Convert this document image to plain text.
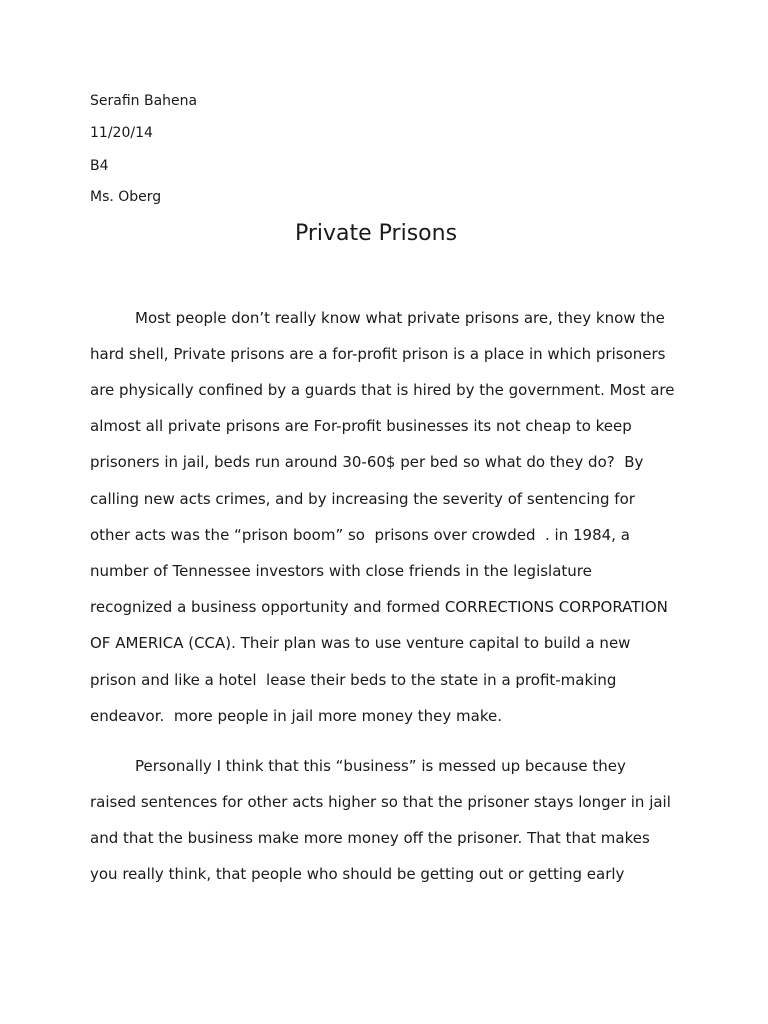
Serafin Bahena
11/20/14
B4
Ms. Oberg
Private Prisons
Most people don’t really know what private prisons are, they know the
hard shell, Private prisons are a for-profit prison is a place in which prisoners
are physically confined by a guards that is hired by the government. Most are
almost all private prisons are For-profit businesses its not cheap to keep
prisoners in jail, beds run around 30-60$ per bed so what do they do?  By
calling new acts crimes, and by increasing the severity of sentencing for
other acts was the “prison boom” so  prisons over crowded  . in 1984, a
number of Tennessee investors with close friends in the legislature
recognized a business opportunity and formed CORRECTIONS CORPORATION
OF AMERICA (CCA). Their plan was to use venture capital to build a new
prison and like a hotel  lease their beds to the state in a profit-making
endeavor.  more people in jail more money they make.
Personally I think that this “business” is messed up because they
raised sentences for other acts higher so that the prisoner stays longer in jail
and that the business make more money off the prisoner. That that makes
you really think, that people who should be getting out or getting early
